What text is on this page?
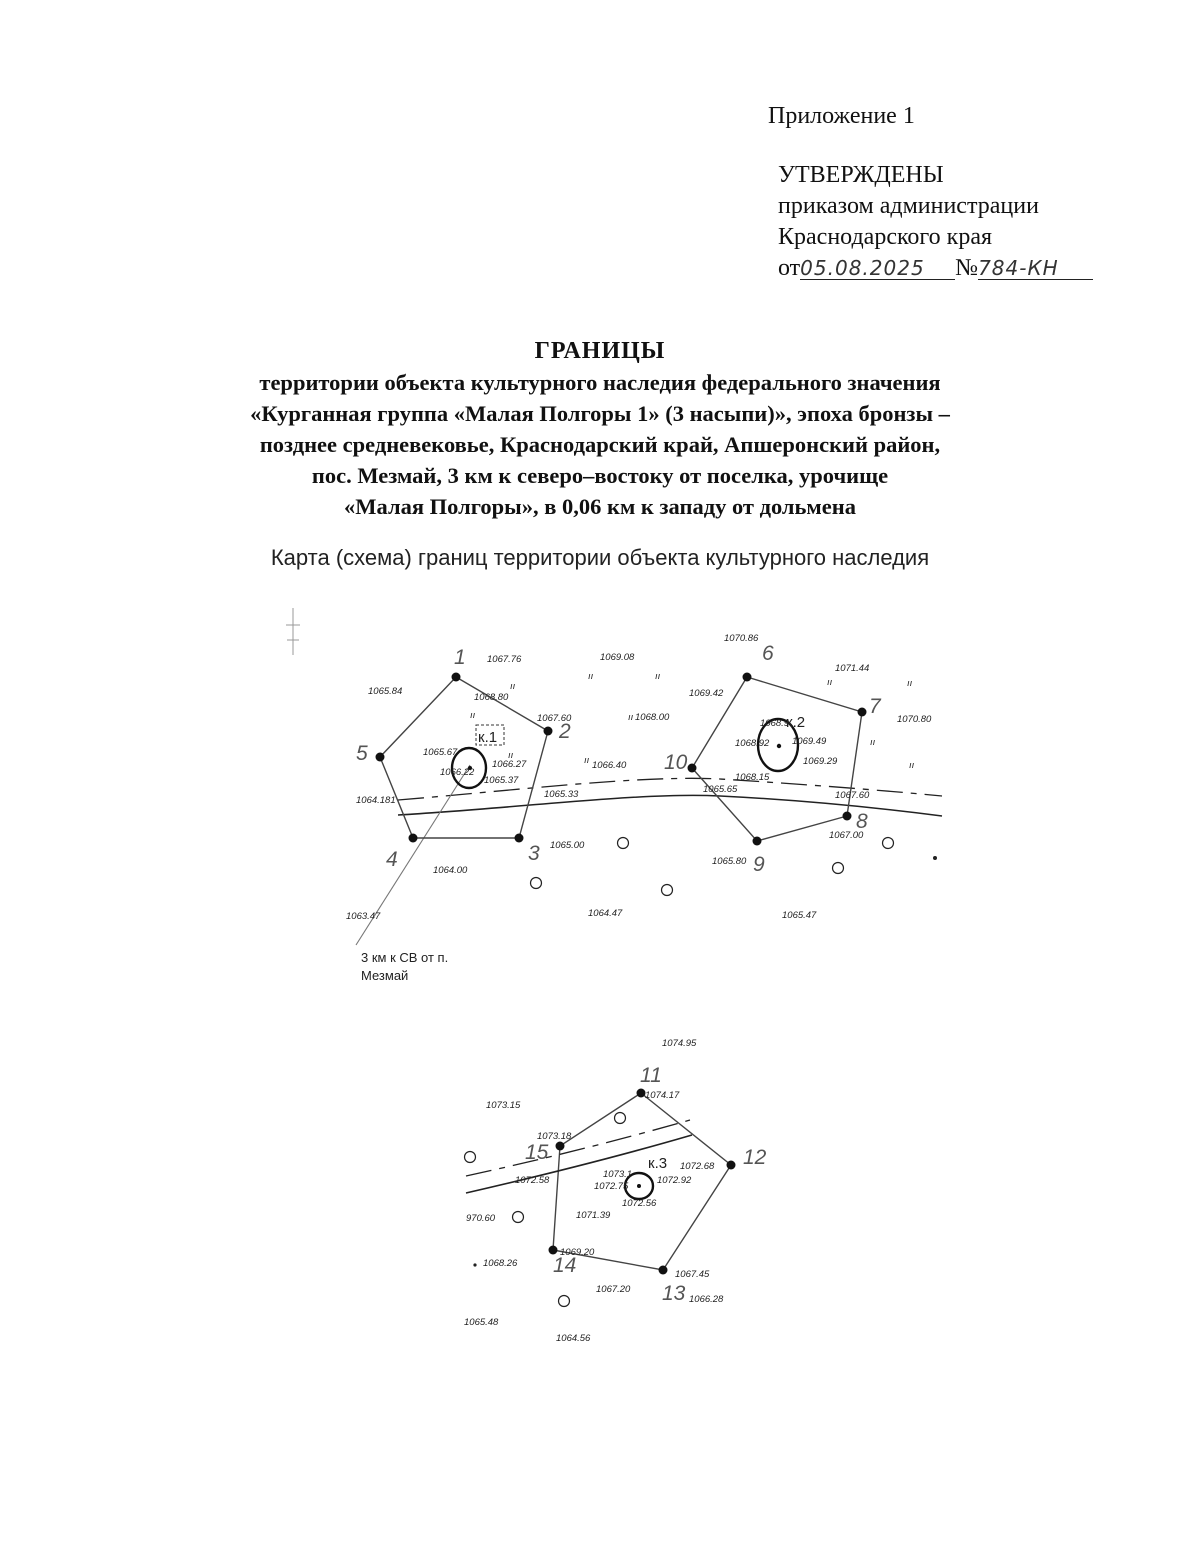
Приложение 1
УТВЕРЖДЕНЫ
приказом администрации
Краснодарского края
от05.08.2025 №784-КН
ГРАНИЦЫ
территории объекта культурного наследия федерального значения
«Курганная группа «Малая Полгоры 1» (3 насыпи)», эпоха бронзы –
позднее средневековье, Краснодарский край, Апшеронский район,
пос. Мезмай, 3 км к северо–востоку от поселка, урочище
«Малая Полгоры», в 0,06 км к западу от дольмена
Карта (схема) границ территории объекта культурного наследия
ıı
ıı	ıı
ıı	ıı
ıı	ıı
ıı
ıı
ıı	ıı
1
2
3
4
5
6
7
8
9
10
11
12
13
14
15
к.1
к.2
к.3
1067.76	1069.08
1070.86
1071.44
1065.84
1068.80
1067.60	1068.00
1069.42
1070.80
1065.67
1066.27
1066.22
1065.37
1066.40
1068.9
1069.49
1068.92
1069.29
1068.15
1064.181
1065.33	1065.65
1067.60
1067.00
1065.00
1065.80
1064.00
1063.47	1064.47	1065.47
1074.95
1073.15
1074.17
1073.18
1072.68
1073.1
1072.92
1072.75
1072.58
1072.56
1071.39
970.60
1069.20
1067.45
1068.26
1067.20
1066.28
1065.48
1064.56
3 км к СВ от п.
Мезмай
